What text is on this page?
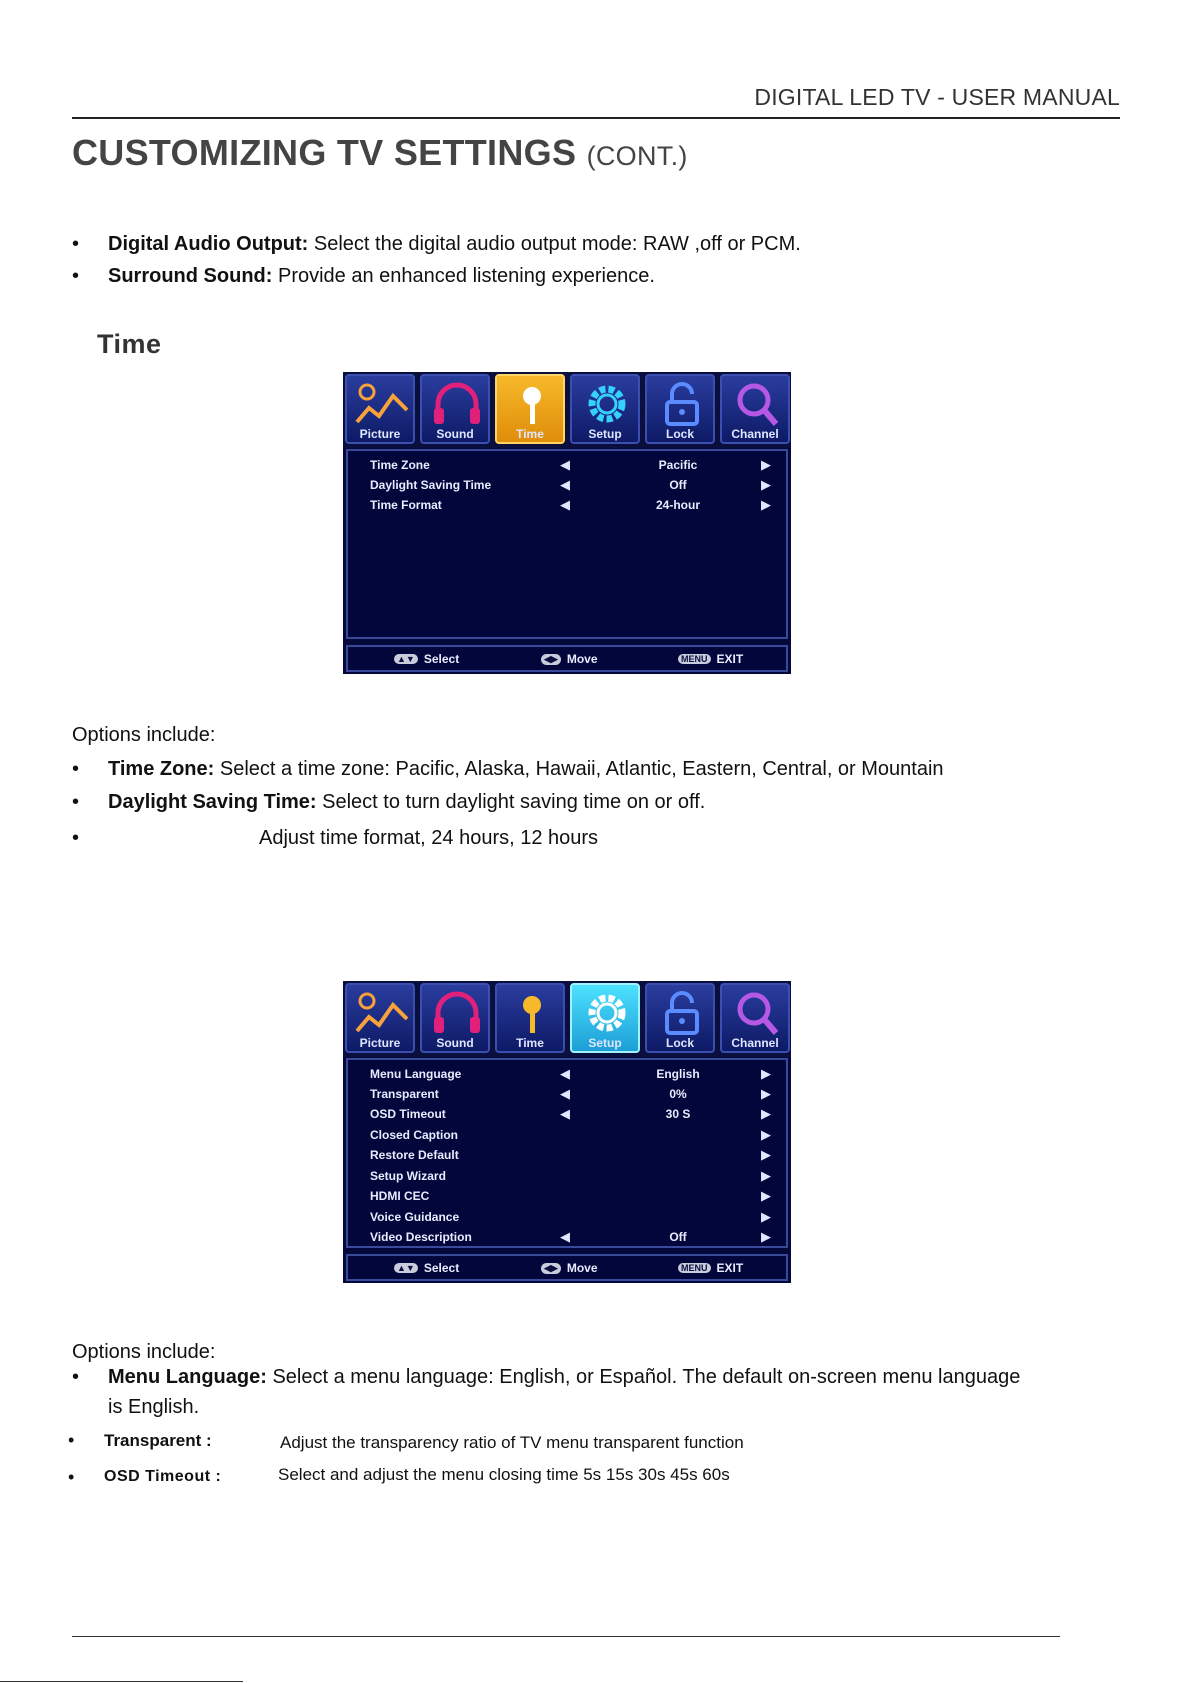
DIGITAL LED TV - USER MANUAL
CUSTOMIZING TV SETTINGS (CONT.)
• Digital Audio Output: Select the digital audio output mode: RAW ,off or PCM.
• Surround Sound: Provide an enhanced listening experience.
Time
Picture	Sound	Time	Setup	Lock	Channel
Time Zone	◀	Pacific	▶
Daylight Saving Time	◀	Off	▶
Time Format	◀	24-hour	▶
▲▼ Select	◀▶ Move	MENU EXIT
Options include:
• Time Zone: Select a time zone: Pacific, Alaska, Hawaii, Atlantic, Eastern, Central, or Mountain
• Daylight Saving Time: Select to turn daylight saving time on or off.
•	Adjust time format, 24 hours, 12 hours
Picture	Sound	Time	Setup	Lock	Channel
Menu Language	◀	English	▶
Transparent	◀	0%	▶
OSD Timeout	◀	30 S	▶
Closed Caption	▶
Restore Default	▶
Setup Wizard	▶
HDMI CEC	▶
Voice Guidance	▶
Video Description	◀	Off	▶
▲▼ Select	◀▶ Move	MENU EXIT
Options include:
• Menu Language: Select a menu language: English, or Español. The default on-screen menu language
is English.
• Transparent :	Adjust the transparency ratio of TV menu transparent function
• OSD Timeout :	Select and adjust the menu closing time 5s 15s 30s 45s 60s
